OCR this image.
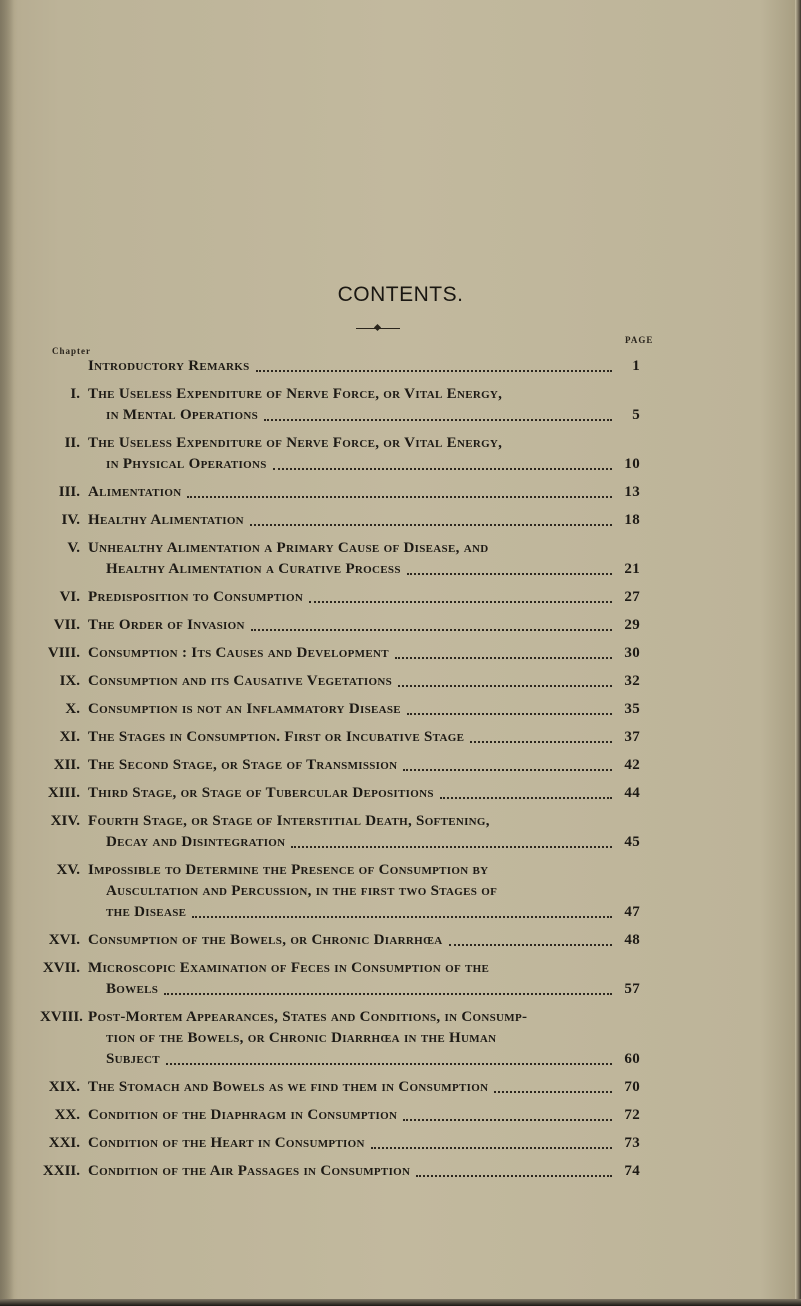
CONTENTS.
Chapter
PAGE
Introductory Remarks	1
I. The Useless Expenditure of Nerve Force, or Vital Energy,
in Mental Operations	5
II. The Useless Expenditure of Nerve Force, or Vital Energy,
in Physical Operations	10
III. Alimentation	13
IV. Healthy Alimentation	18
V. Unhealthy Alimentation a Primary Cause of Disease, and
Healthy Alimentation a Curative Process	21
VI. Predisposition to Consumption	27
VII. The Order of Invasion	29
VIII. Consumption : Its Causes and Development	30
IX. Consumption and its Causative Vegetations	32
X. Consumption is not an Inflammatory Disease	35
XI. The Stages in Consumption. First or Incubative Stage	37
XII. The Second Stage, or Stage of Transmission	42
XIII. Third Stage, or Stage of Tubercular Depositions	44
XIV. Fourth Stage, or Stage of Interstitial Death, Softening,
Decay and Disintegration	45
XV. Impossible to Determine the Presence of Consumption by
Auscultation and Percussion, in the first two Stages of
the Disease	47
XVI. Consumption of the Bowels, or Chronic Diarrhœa	48
XVII. Microscopic Examination of Feces in Consumption of the
Bowels	57
XVIII. Post-Mortem Appearances, States and Conditions, in Consump-
tion of the Bowels, or Chronic Diarrhœa in the Human
Subject	60
XIX. The Stomach and Bowels as we find them in Consumption	70
XX. Condition of the Diaphragm in Consumption	72
XXI. Condition of the Heart in Consumption	73
XXII. Condition of the Air Passages in Consumption	74
